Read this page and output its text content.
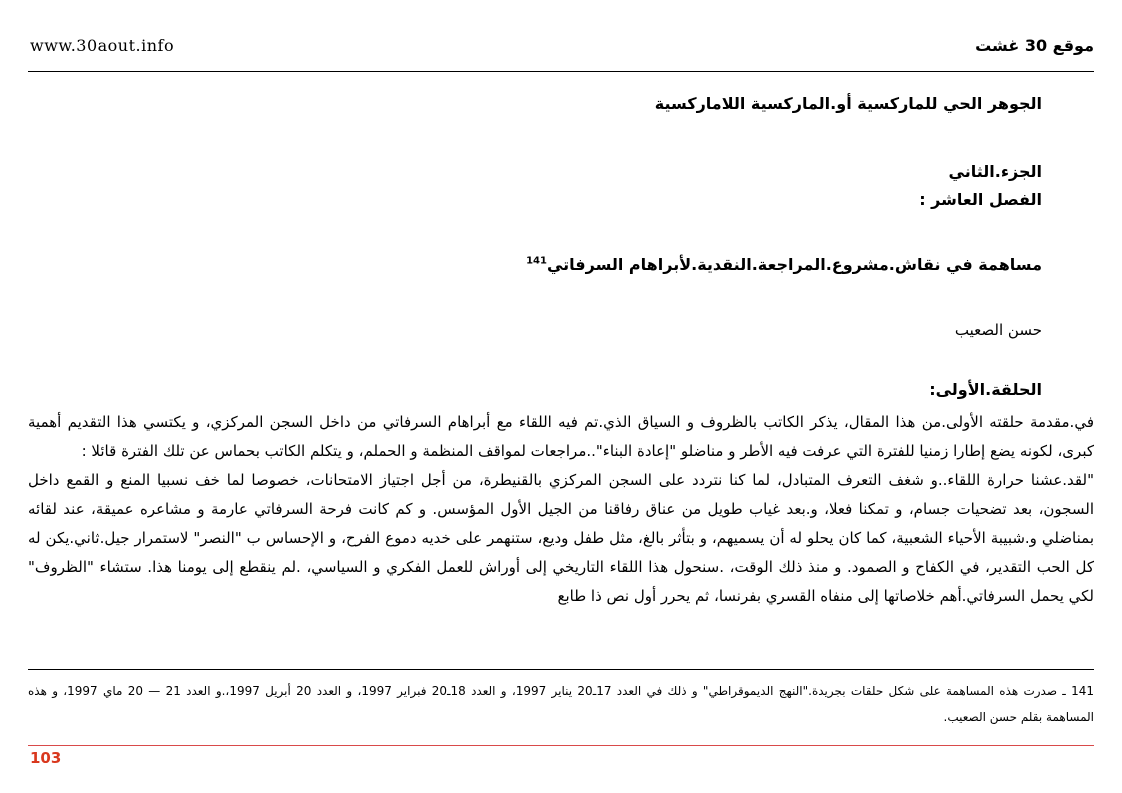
www.30aout.info	موقع 30 غشت
الجوهر الحي للماركسية أو.الماركسية اللاماركسية
الجزء.الثاني
الفصل العاشر :
مساهمة في نقاش.مشروع.المراجعة.النقدية.لأبراهام السرفاتي$^{141}$
حسن الصعيب
الحلقة.الأولى:

في.مقدمة حلقته الأولى.من هذا المقال، يذكر الكاتب بالظروف و السياق الذي.تم فيه اللقاء مع أبراهام السرفاتي من داخل السجن المركزي، و يكتسي هذا التقديم أهمية كبرى، لكونه يضع إطارا زمنيا للفترة التي عرفت فيه الأطر و مناضلو "إعادة البناء"..مراجعات لمواقف المنظمة و الحملم، و يتكلم الكاتب بحماس عن تلك الفترة قائلا :

"لقد.عشنا حرارة اللقاء..و شغف التعرف المتبادل، لما كنا نتردد على السجن المركزي بالقنيطرة، من أجل اجتياز الامتحانات، خصوصا لما خف نسبيا المنع و القمع داخل السجون، بعد تضحيات جسام، و تمكنا فعلا، و.بعد غياب طويل من عناق رفاقنا من الجيل الأول المؤسس. و كم كانت فرحة السرفاتي عارمة و مشاعره عميقة، عند لقائه بمناضلي و.شبيبة الأحياء الشعبية، كما كان يحلو له أن يسميهم، و بتأثر بالغ، مثل طفل وديع، ستنهمر على خديه دموع الفرح، و الإحساس ب "النصر" لاستمرار جيل.ثاني.يكن له كل الحب التقدير، في الكفاح و الصمود. و منذ ذلك الوقت، .سنحول هذا اللقاء التاريخي إلى أوراش للعمل الفكري و السياسي، .لم ينقطع إلى يومنا هذا. ستشاء "الظروف" لكي يحمل السرفاتي.أهم خلاصاتها إلى منفاه القسري بفرنسا، ثم يحرر أول نص ذا طابع

141 ـ صدرت هذه المساهمة على شكل حلقات بجريدة."النهج الديموقراطي" و ذلك في العدد 17ـ20 يناير 1997، و العدد 18ـ20 فبراير 1997، و العدد 20 أبريل 1997،.و العدد 21 — 20 ماي 1997، و هذه المساهمة بقلم حسن الصعيب.
103
